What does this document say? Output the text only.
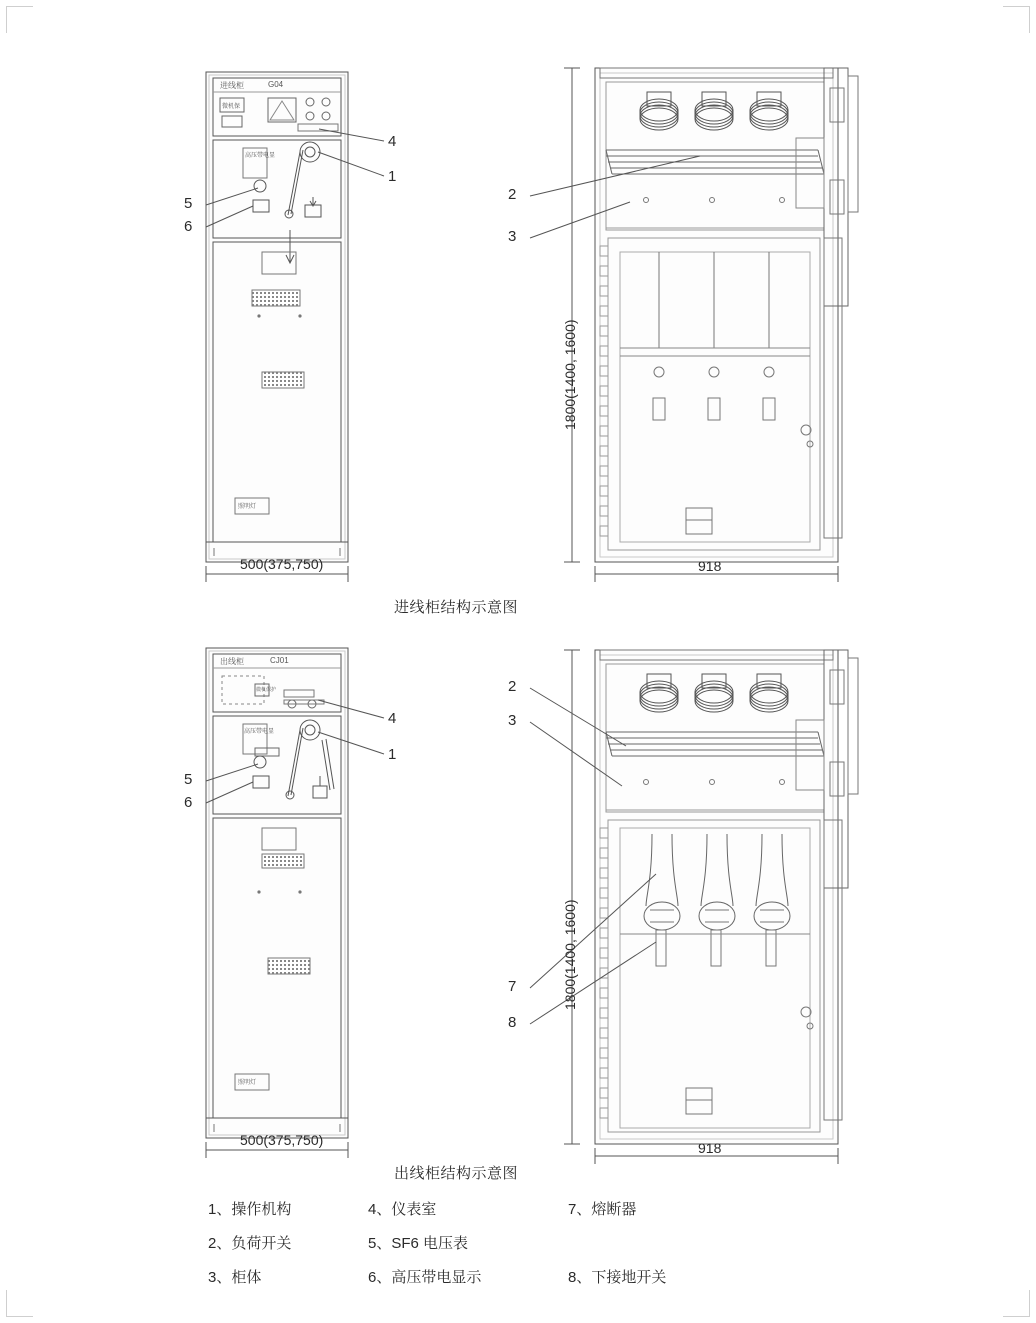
进线柜	G04
微机保
高压带电显
照明灯
500(375,750)	918
1800(1400, 1600)
4
1
5
6
2
3
进线柜结构示意图
出线柜	CJ01
微机保护
高压带电显
照明灯
500(375,750)	918
1800(1400, 1600)
4
1
5
6
2
3
7
8
出线柜结构示意图
1、操作机构	4、仪表室	7、熔断器
2、负荷开关	5、SF6 电压表
3、柜体	6、高压带电显示	8、下接地开关
